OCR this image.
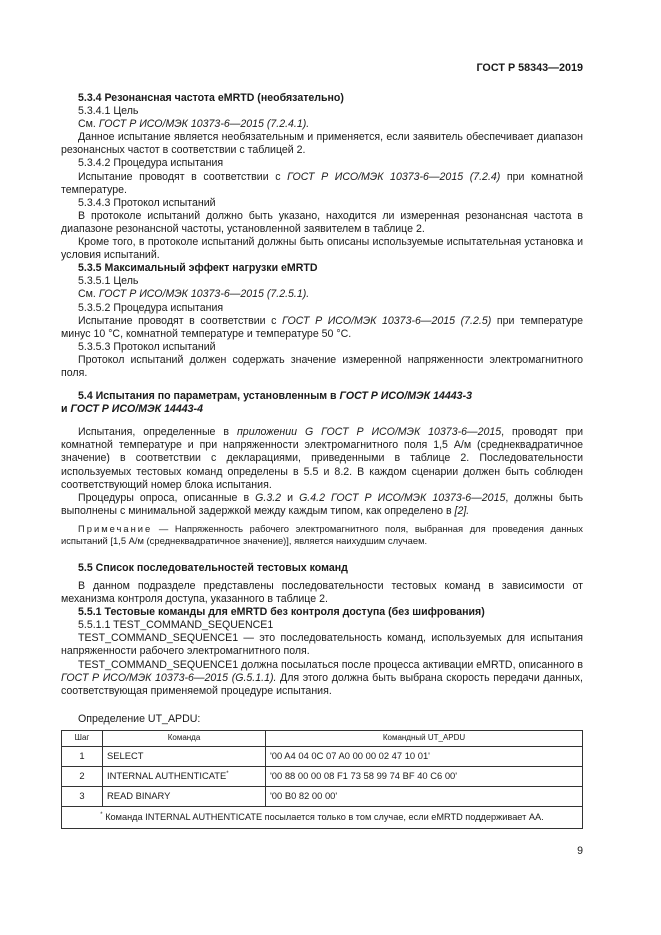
ГОСТ Р 58343—2019

5.3.4 Резонансная частота eMRTD (необязательно)

5.3.4.1 Цель

См. ГОСТ Р ИСО/МЭК 10373-6—2015 (7.2.4.1).

Данное испытание является необязательным и применяется, если заявитель обеспечивает диапазон резонансных частот в соответствии с таблицей 2.

5.3.4.2 Процедура испытания

Испытание проводят в соответствии с ГОСТ Р ИСО/МЭК 10373-6—2015 (7.2.4) при комнатной температуре.

5.3.4.3 Протокол испытаний

В протоколе испытаний должно быть указано, находится ли измеренная резонансная частота в диапазоне резонансной частоты, установленной заявителем в таблице 2.

Кроме того, в протоколе испытаний должны быть описаны используемые испытательная установка и условия испытаний.

5.3.5 Максимальный эффект нагрузки eMRTD

5.3.5.1 Цель

См. ГОСТ Р ИСО/МЭК 10373-6—2015 (7.2.5.1).

5.3.5.2 Процедура испытания

Испытание проводят в соответствии с ГОСТ Р ИСО/МЭК 10373-6—2015 (7.2.5) при температуре минус 10 °С, комнатной температуре и температуре 50 °С.

5.3.5.3 Протокол испытаний

Протокол испытаний должен содержать значение измеренной напряженности электромагнитного поля.

5.4 Испытания по параметрам, установленным в ГОСТ Р ИСО/МЭК 14443-3
и ГОСТ Р ИСО/МЭК 14443-4

Испытания, определенные в приложении G ГОСТ Р ИСО/МЭК 10373-6—2015, проводят при комнатной температуре и при напряженности электромагнитного поля 1,5 А/м (среднеквадратичное значение) в соответствии с декларациями, приведенными в таблице 2. Последовательности используемых тестовых команд определены в 5.5 и 8.2. В каждом сценарии должен быть соблюден соответствующий номер блока испытания.

Процедуры опроса, описанные в G.3.2 и G.4.2 ГОСТ Р ИСО/МЭК 10373-6—2015, должны быть выполнены с минимальной задержкой между каждым типом, как определено в [2].

Примечание — Напряженность рабочего электромагнитного поля, выбранная для проведения данных испытаний [1,5 А/м (среднеквадратичное значение)], является наихудшим случаем.

5.5 Список последовательностей тестовых команд

В данном подразделе представлены последовательности тестовых команд в зависимости от механизма контроля доступа, указанного в таблице 2.

5.5.1 Тестовые команды для eMRTD без контроля доступа (без шифрования)

5.5.1.1 TEST_COMMAND_SEQUENCE1

TEST_COMMAND_SEQUENCE1 — это последовательность команд, используемых для испытания напряженности рабочего электромагнитного поля.

TEST_COMMAND_SEQUENCE1 должна посылаться после процесса активации eMRTD, описанного в ГОСТ Р ИСО/МЭК 10373-6—2015 (G.5.1.1). Для этого должна быть выбрана скорость передачи данных, соответствующая применяемой процедуре испытания.

Определение UT_APDU:

Шаг	Команда	Командный UT_APDU
1	SELECT	'00 A4 04 0C 07 A0 00 00 02 47 10 01'
2	INTERNAL AUTHENTICATE*	'00 88 00 00 08 F1 73 58 99 74 BF 40 C6 00'
3	READ BINARY	'00 B0 82 00 00'
* Команда INTERNAL AUTHENTICATE посылается только в том случае, если eMRTD поддерживает АА.		
9
